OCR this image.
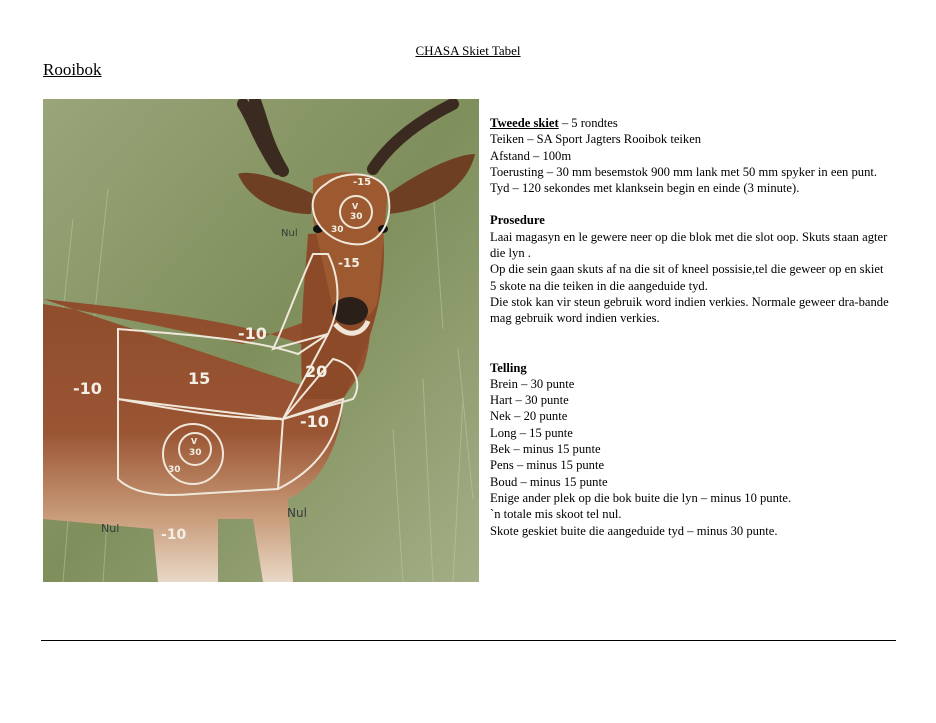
CHASA Skiet Tabel
Rooibok
-15
V
30
30
Nul
-15
-10
-10
15	20
-10
V
30
30
Nul
Nul	-10

Tweede skiet – 5 rondtes

Teiken – SA Sport Jagters Rooibok teiken

Afstand – 100m

Toerusting – 30 mm besemstok 900 mm lank met 50 mm spyker in een punt.

Tyd – 120 sekondes met klanksein begin en einde (3 minute).

Prosedure

Laai magasyn en le gewere neer op die blok met die slot oop. Skuts staan agter die lyn .

Op die sein gaan skuts af na die sit of kneel possisie,tel die geweer op en skiet 5 skote na die teiken in die aangeduide tyd.

Die stok kan vir steun gebruik word indien verkies. Normale geweer dra-bande mag gebruik word indien verkies.

Telling

Brein – 30 punte

Hart – 30 punte

Nek – 20 punte

Long – 15 punte

Bek – minus 15 punte

Pens – minus 15 punte

Boud – minus 15 punte

Enige ander plek op die bok buite die lyn – minus 10 punte.

`n totale mis skoot tel nul.

Skote geskiet buite die aangeduide tyd – minus 30 punte.
